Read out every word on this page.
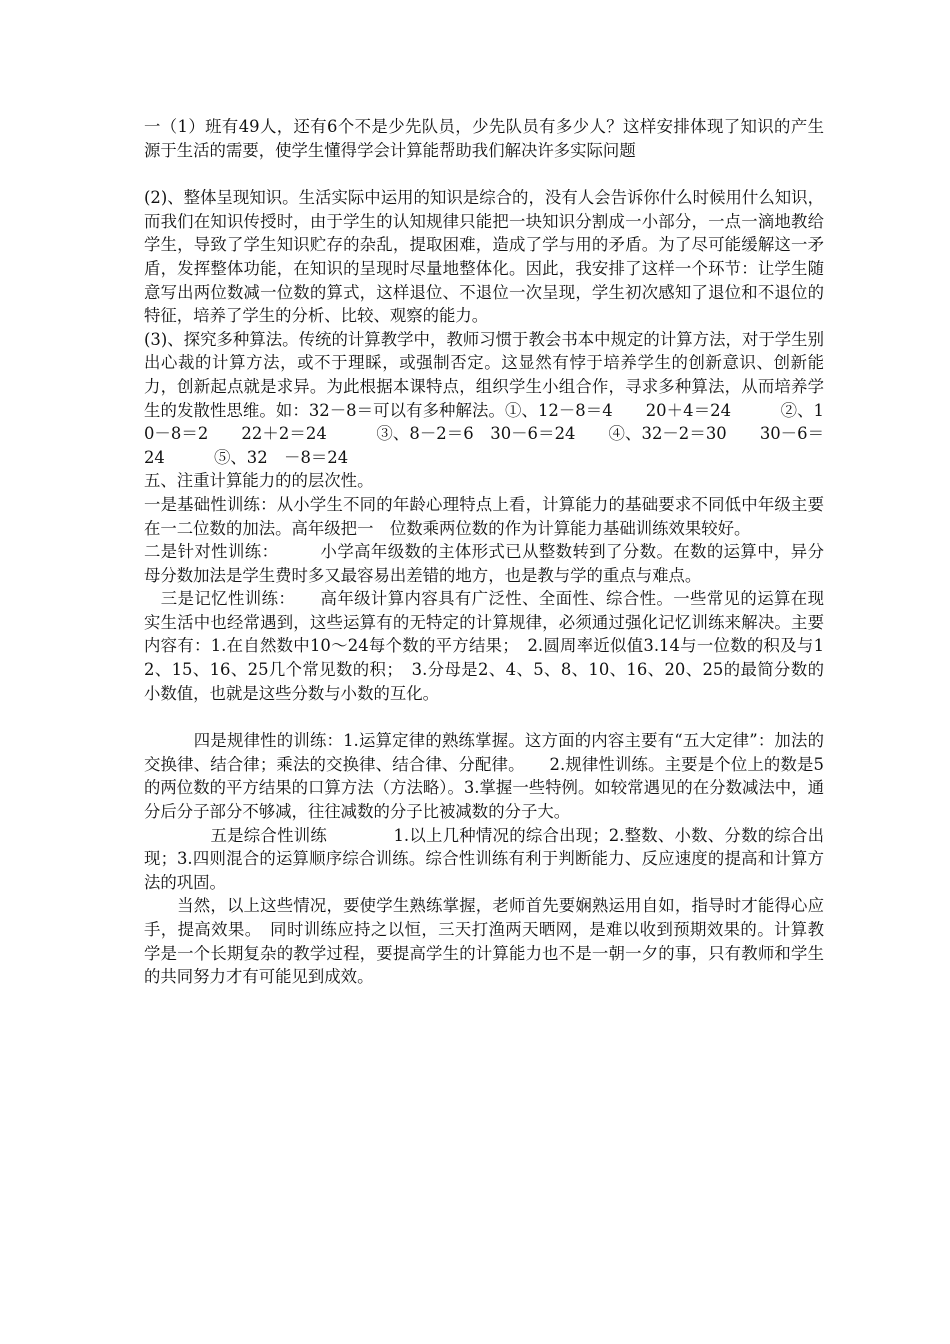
一（1）班有49人，还有6个不是少先队员，少先队员有多少人？这样安排体现了知识的产生源于生活的需要，使学生懂得学会计算能帮助我们解决许多实际问题

(2)、整体呈现知识。生活实际中运用的知识是综合的，没有人会告诉你什么时候用什么知识，而我们在知识传授时，由于学生的认知规律只能把一块知识分割成一小部分，一点一滴地教给学生，导致了学生知识贮存的杂乱，提取困难，造成了学与用的矛盾。为了尽可能缓解这一矛盾，发挥整体功能，在知识的呈现时尽量地整体化。因此，我安排了这样一个环节：让学生随意写出两位数减一位数的算式，这样退位、不退位一次呈现，学生初次感知了退位和不退位的特征，培养了学生的分析、比较、观察的能力。

(3)、探究多种算法。传统的计算教学中，教师习惯于教会书本中规定的计算方法，对于学生别出心裁的计算方法，或不于理睬，或强制否定。这显然有悖于培养学生的创新意识、创新能力，创新起点就是求异。为此根据本课特点，组织学生小组合作，寻求多种算法，从而培养学生的发散性思维。如：32－8＝可以有多种解法。①、12－8＝4　　20＋4＝24　　　②、10－8＝2　　22＋2＝24　　　③、8－2＝6　30－6＝24　　④、32－2＝30　　30－6＝24　　　⑤、32　－8＝24

五、注重计算能力的的层次性。

一是基础性训练：从小学生不同的年龄心理特点上看，计算能力的基础要求不同低中年级主要在一二位数的加法。高年级把一　位数乘两位数的作为计算能力基础训练效果较好。

二是针对性训练：　　　小学高年级数的主体形式已从整数转到了分数。在数的运算中，异分母分数加法是学生费时多又最容易出差错的地方，也是教与学的重点与难点。

　三是记忆性训练：　　高年级计算内容具有广泛性、全面性、综合性。一些常见的运算在现实生活中也经常遇到，这些运算有的无特定的计算规律，必须通过强化记忆训练来解决。主要内容有：1.在自然数中10～24每个数的平方结果；　2.圆周率近似值3.14与一位数的积及与12、15、16、25几个常见数的积；　3.分母是2、4、5、8、10、16、20、25的最简分数的小数值，也就是这些分数与小数的互化。

　　　四是规律性的训练：1.运算定律的熟练掌握。这方面的内容主要有“五大定律”：加法的交换律、结合律；乘法的交换律、结合律、分配律。　　2.规律性训练。主要是个位上的数是5的两位数的平方结果的口算方法（方法略）。3.掌握一些特例。如较常遇见的在分数减法中，通分后分子部分不够减，往往减数的分子比被减数的分子大。

　　　　五是综合性训练　　　　1.以上几种情况的综合出现；2.整数、小数、分数的综合出现；3.四则混合的运算顺序综合训练。综合性训练有利于判断能力、反应速度的提高和计算方法的巩固。

　　当然，以上这些情况，要使学生熟练掌握，老师首先要娴熟运用自如，指导时才能得心应手，提高效果。　同时训练应持之以恒，三天打渔两天晒网，是难以收到预期效果的。计算教学是一个长期复杂的教学过程，要提高学生的计算能力也不是一朝一夕的事，只有教师和学生的共同努力才有可能见到成效。
